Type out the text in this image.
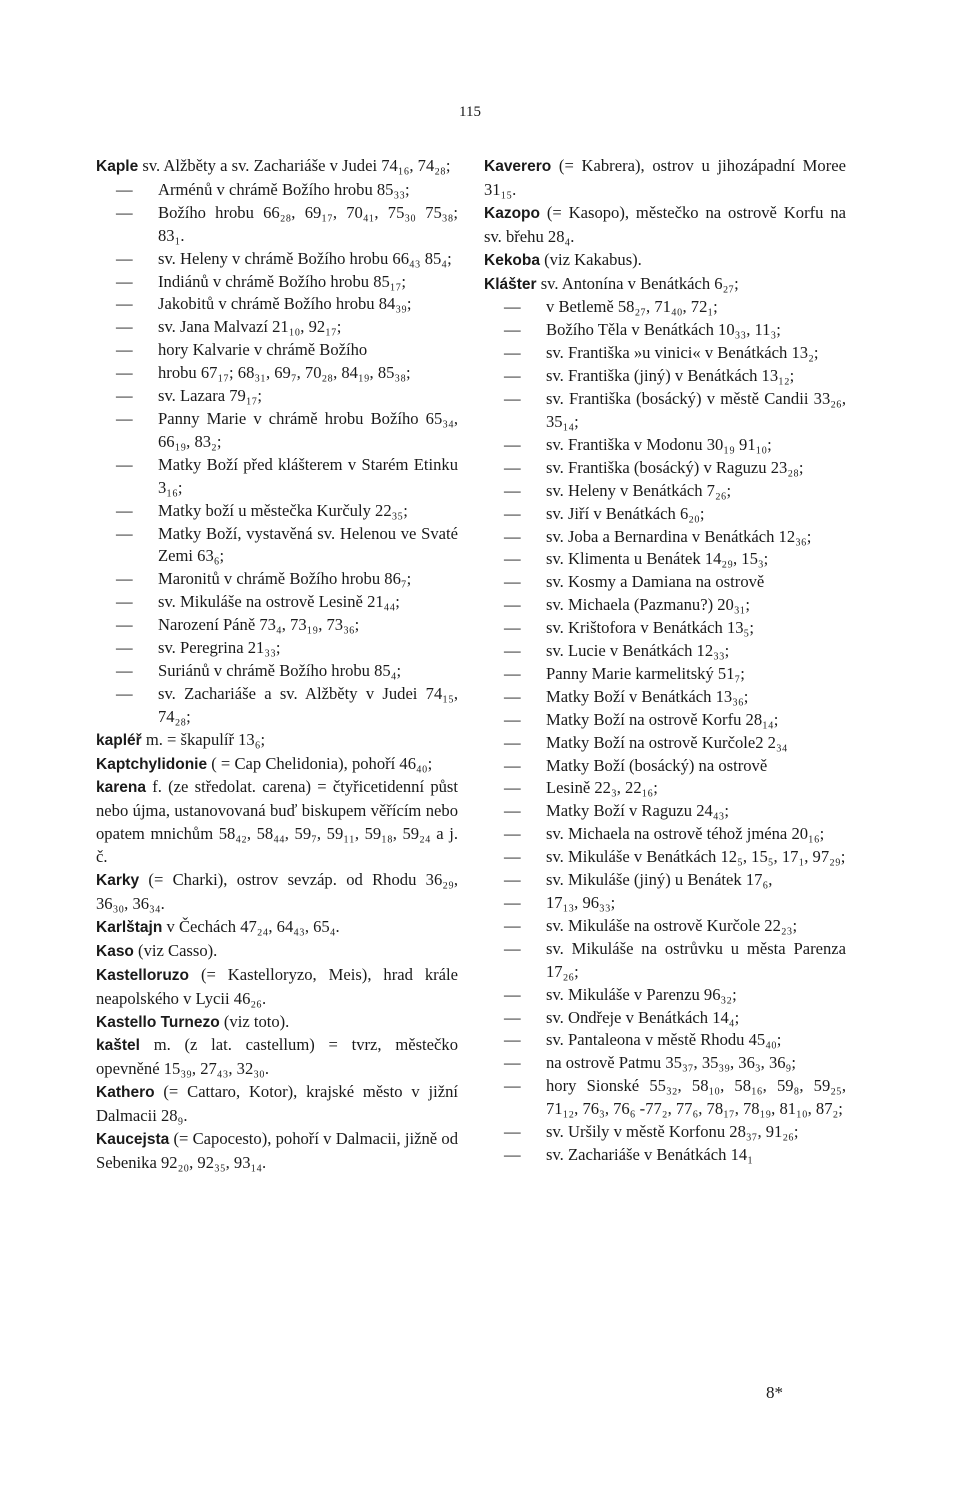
115
Kaple sv. Alžběty a sv. Zachariáše v Judei 74₁₆, 74₂₈;
— Arménů v chrámě Božího hrobu 85₃₃;
— Božího hrobu 66₂₈, 69₁₇, 70₄₁, 75₃₀ 75₃₈; 83₁.
— sv. Heleny v chrámě Božího hrobu 66₄₃ 85₄;
— Indiánů v chrámě Božího hrobu 85₁₇;
— Jakobitů v chrámě Božího hrobu 84₃₉;
— sv. Jana Malvazí 21₁₀, 92₁₇;
— hory Kalvarie v chrámě Božího
— hrobu 67₁₇; 68₃₁, 69₇, 70₂₈, 84₁₉, 85₃₈;
— sv. Lazara 79₁₇;
— Panny Marie v chrámě hrobu Božího 65₃₄, 66₁₉, 83₂;
— Matky Boží před klášterem v Starém Etinku 3₁₆;
— Matky boží u městečka Kurčuly 22₃₅;
— Matky Boží, vystavěná sv. Helenou ve Svaté Zemi 63₆;
— Maronitů v chrámě Božího hrobu 86₇;
— sv. Mikuláše na ostrově Lesině 21₄₄;
— Narození Páně 73₄, 73₁₉, 73₃₆;
— sv. Peregrina 21₃₃;
— Suriánů v chrámě Božího hrobu 85₄;
— sv. Zachariáše a sv. Alžběty v Judei 74₁₅, 74₂₈;
kapléř m. = škapulíř 13₆;
Kaptchylidonie ( = Cap Chelidonia), pohoří 46₄₀;
karena f. (ze středolat. carena) = čtyřicetidenní půst nebo újma, ustanovovaná buď biskupem věřícím nebo opatem mnichům 58₄₂, 58₄₄, 59₇, 59₁₁, 59₁₈, 59₂₄ a j. č.
Karky (= Charki), ostrov sevzáp. od Rhodu 36₂₉, 36₃₀, 36₃₄.
Karlštajn v Čechách 47₂₄, 64₄₃, 65₄.
Kaso (viz Casso).
Kastelloruzo (= Kastelloryzo, Meis), hrad krále neapolského v Lycii 46₂₆.
Kastello Turnezo (viz toto).
kaštel m. (z lat. castellum) = tvrz, městečko opevněné 15₃₉, 27₄₃, 32₃₀.
Kathero (= Cattaro, Kotor), krajské město v jižní Dalmacii 28₉.
Kaucejsta (= Capocesto), pohoří v Dalmacii, jižně od Sebenika 92₂₀, 92₃₅, 93₁₄.
Kaverero (= Kabrera), ostrov u jihozápadní Moree 31₁₅.
Kazopo (= Kasopo), městečko na ostrově Korfu na sv. břehu 28₄.
Kekoba (viz Kakabus).
Klášter sv. Antonína v Benátkách 6₂₇;
— v Betlemě 58₂₇, 71₄₀, 72₁;
— Božího Těla v Benátkách 10₃₃, 11₃;
— sv. Františka »u vinici« v Benátkách 13₂;
— sv. Františka (jiný) v Benátkách 13₁₂;
— sv. Františka (bosácký) v městě Candii 33₂₆, 35₁₄;
— sv. Františka v Modonu 30₁₉ 91₁₀;
— sv. Františka (bosácký) v Raguzu 23₂₈;
— sv. Heleny v Benátkách 7₂₆;
— sv. Jiří v Benátkách 6₂₀;
— sv. Joba a Bernardina v Benátkách 12₃₆;
— sv. Klimenta u Benátek 14₂₉, 15₃;
— sv. Kosmy a Damiana na ostrově
— sv. Michaela (Pazmanu?) 20₃₁;
— sv. Krištofora v Benátkách 13₅;
— sv. Lucie v Benátkách 12₃₃;
— Panny Marie karmelitský 51₇;
— Matky Boží v Benátkách 13₃₆;
— Matky Boží na ostrově Korfu 28₁₄;
— Matky Boží na ostrově Kurčole2 2₃₄
— Matky Boží (bosácký) na ostrově
— Lesině 22₃, 22₁₆;
— Matky Boží v Raguzu 24₄₃;
— sv. Michaela na ostrově téhož jména 20₁₆;
— sv. Mikuláše v Benátkách 12₅, 15₅, 17₁, 97₂₉;
— sv. Mikuláše (jiný) u Benátek 17₆,
— 17₁₃, 96₃₃;
— sv. Mikuláše na ostrově Kurčole 22₂₃;
— sv. Mikuláše na ostrůvku u města Parenza 17₂₆;
— sv. Mikuláše v Parenzu 96₃₂;
— sv. Ondřeje v Benátkách 14₄;
— sv. Pantaleona v městě Rhodu 45₄₀;
— na ostrově Patmu 35₃₇, 35₃₉, 36₃, 36₉;
— hory Sionské 55₃₂, 58₁₀, 58₁₆, 59₈, 59₂₅, 71₁₂, 76₃, 76₆ -77₂, 77₆, 78₁₇, 78₁₉, 81₁₀, 87₂;
— sv. Uršily v městě Korfonu 28₃₇, 91₂₆;
— sv. Zachariáše v Benátkách 14₁
8*
